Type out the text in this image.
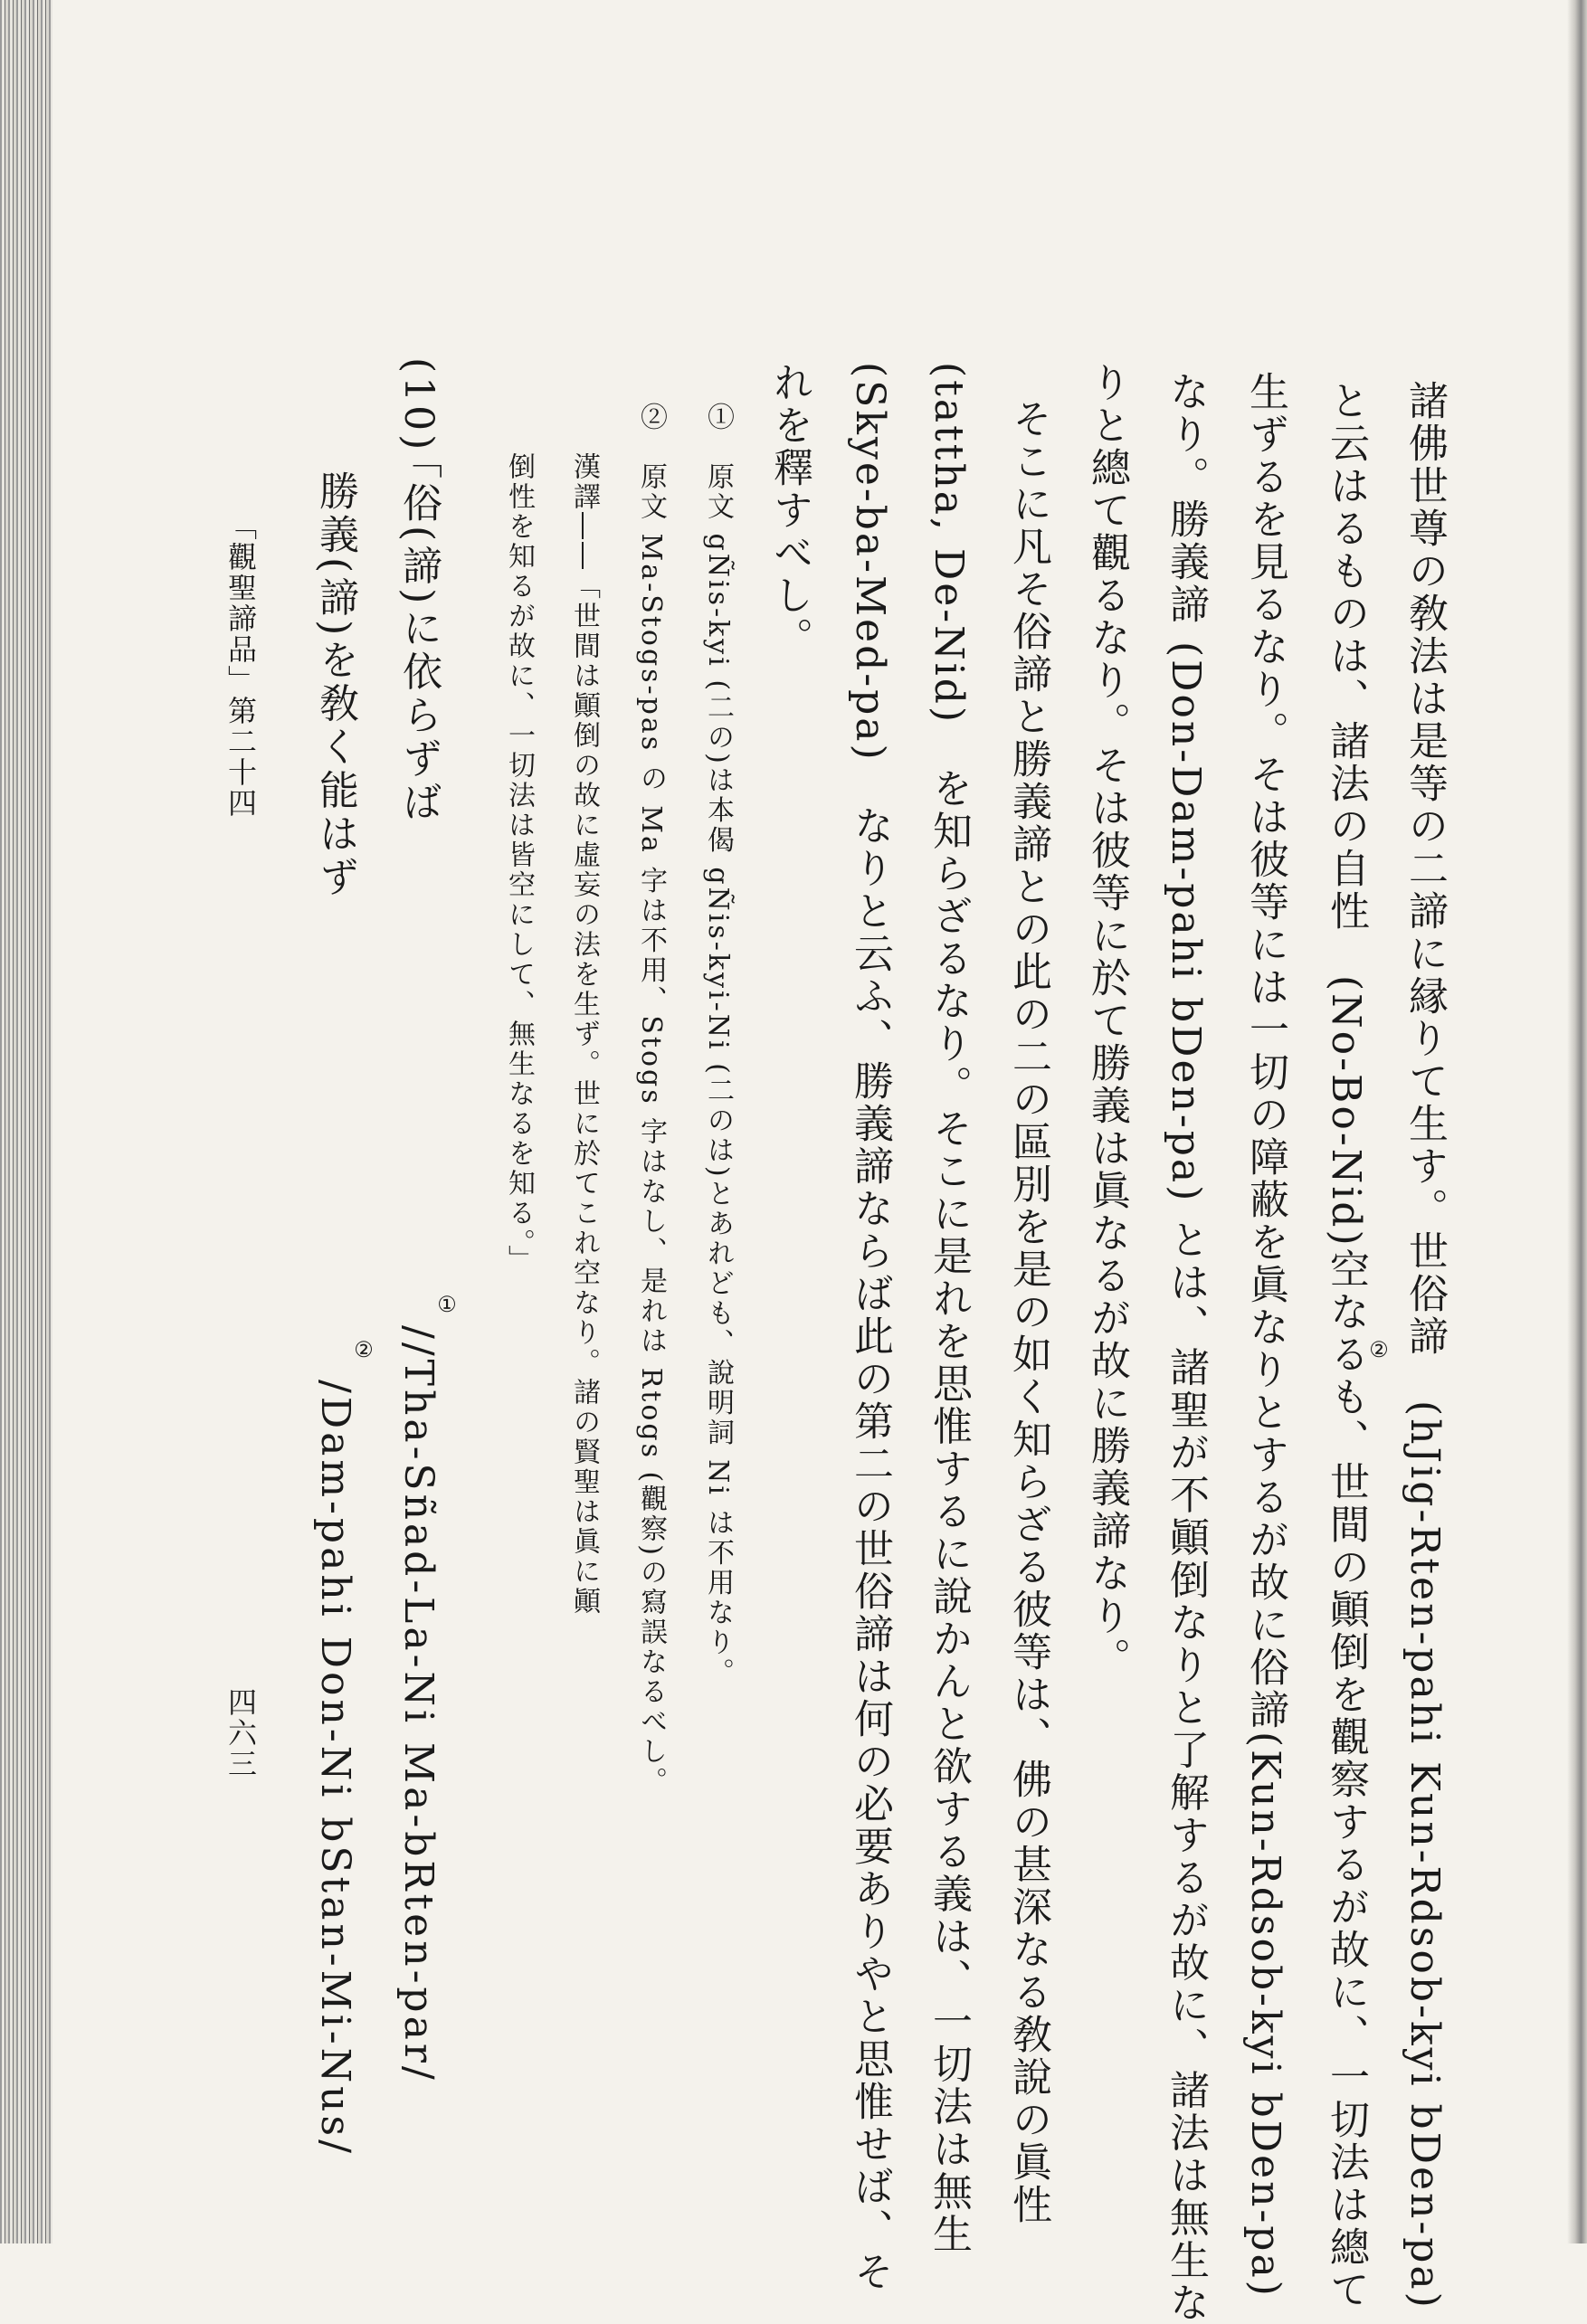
諸佛世尊の敎法は是等の二諦に縁りて生す。世俗諦　(hJig-Rten-pahi Kun-Rdsob-kyi bDen-pa)
と云はるものは、諸法の自性　(No-Bo-Nid)空なるも、世間の顚倒を觀察するが故に、一切法は總て
生ずるを見るなり。そは彼等には一切の障蔽を眞なりとするが故に俗諦(Kun-Rdsob-kyi bDen-pa)
なり。勝義諦 (Don-Dam-pahi bDen-pa) とは、諸聖が不顚倒なりと了解するが故に、諸法は無生な
りと總て觀るなり。そは彼等に於て勝義は眞なるが故に勝義諦なり。
そこに凡そ俗諦と勝義諦との此の二の區別を是の如く知らざる彼等は、佛の甚深なる敎說の眞性
(tattha, De-Nid)　を知らざるなり。そこに是れを思惟するに說かんと欲する義は、一切法は無生
(Skye-ba-Med-pa)　なりと云ふ、勝義諦ならば此の第二の世俗諦は何の必要ありやと思惟せば、そ
れを釋すべし。
②
①　原文 gÑis-kyi (二の)は本偈 gÑis-kyi-Ni (二のは)とあれども、說明詞 Ni は不用なり。
②　原文 Ma-Stogs-pas の Ma 字は不用、Stogs 字はなし、是れは Rtogs (觀察)の寫誤なるべし。
漢譯――「世間は顚倒の故に虛妄の法を生ず。世に於てこれ空なり。諸の賢聖は眞に顚
倒性を知るが故に、一切法は皆空にして、無生なるを知る。」
(10)
「俗(諦)に依らずば
勝義(諦)を敎く能はず
①
//Tha-Sñad-La-Ni Ma-bRten-par/
②
/Dam-pahi Don-Ni bStan-Mi-Nus/
「觀聖諦品」第二十四
四六三
